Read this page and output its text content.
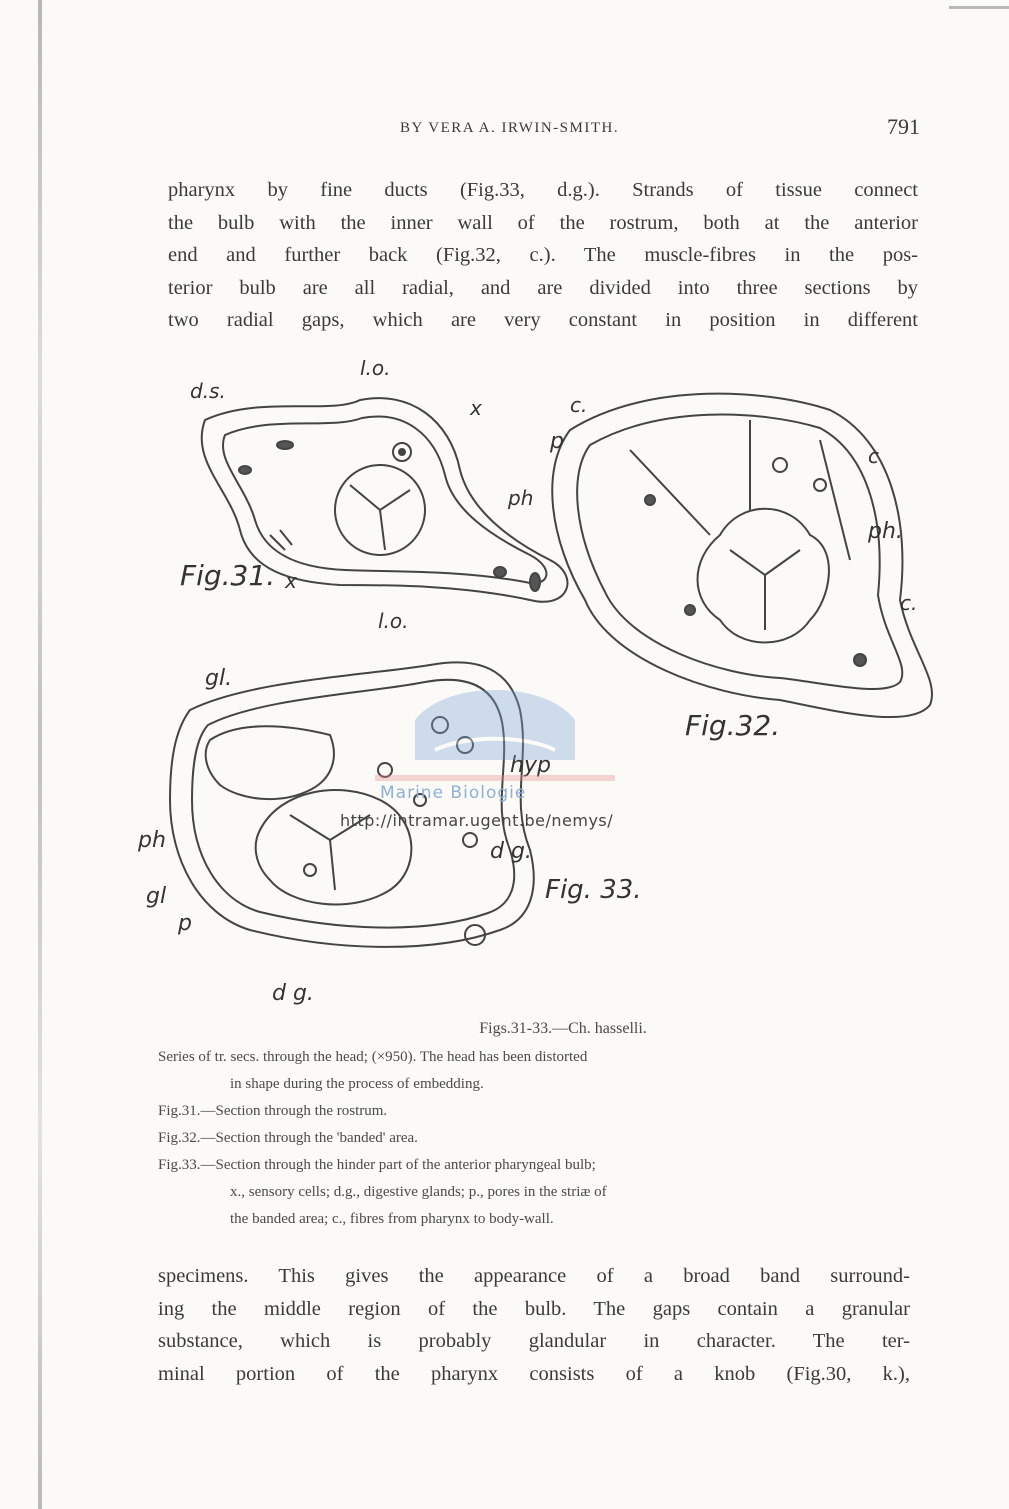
BY VERA A. IRWIN-SMITH.	791
pharynx by fine ducts (Fig.33, d.g.). Strands of tissue connect
the bulb with the inner wall of the rostrum, both at the anterior
end and further back (Fig.32, c.). The muscle-fibres in the pos-
terior bulb are all radial, and are divided into three sections by
two radial gaps, which are very constant in position in different
d.s.
l.o.
x
ph
x
l.o.
Fig.31.
c.
p
c
ph.
c.
Fig.32.
gl.
hyp
ph	d g.
gl
p
d g.
Fig. 33.
Marine Biologie
http://intramar.ugent.be/nemys/
Figs.31-33.—Ch. hasselli.
Series of tr. secs. through the head; (×950). The head has been distorted
in shape during the process of embedding.
Fig.31.—Section through the rostrum.
Fig.32.—Section through the 'banded' area.
Fig.33.—Section through the hinder part of the anterior pharyngeal bulb;
x., sensory cells; d.g., digestive glands; p., pores in the striæ of
the banded area; c., fibres from pharynx to body-wall.
specimens. This gives the appearance of a broad band surround-
ing the middle region of the bulb. The gaps contain a granular
substance, which is probably glandular in character. The ter-
minal portion of the pharynx consists of a knob (Fig.30, k.),
